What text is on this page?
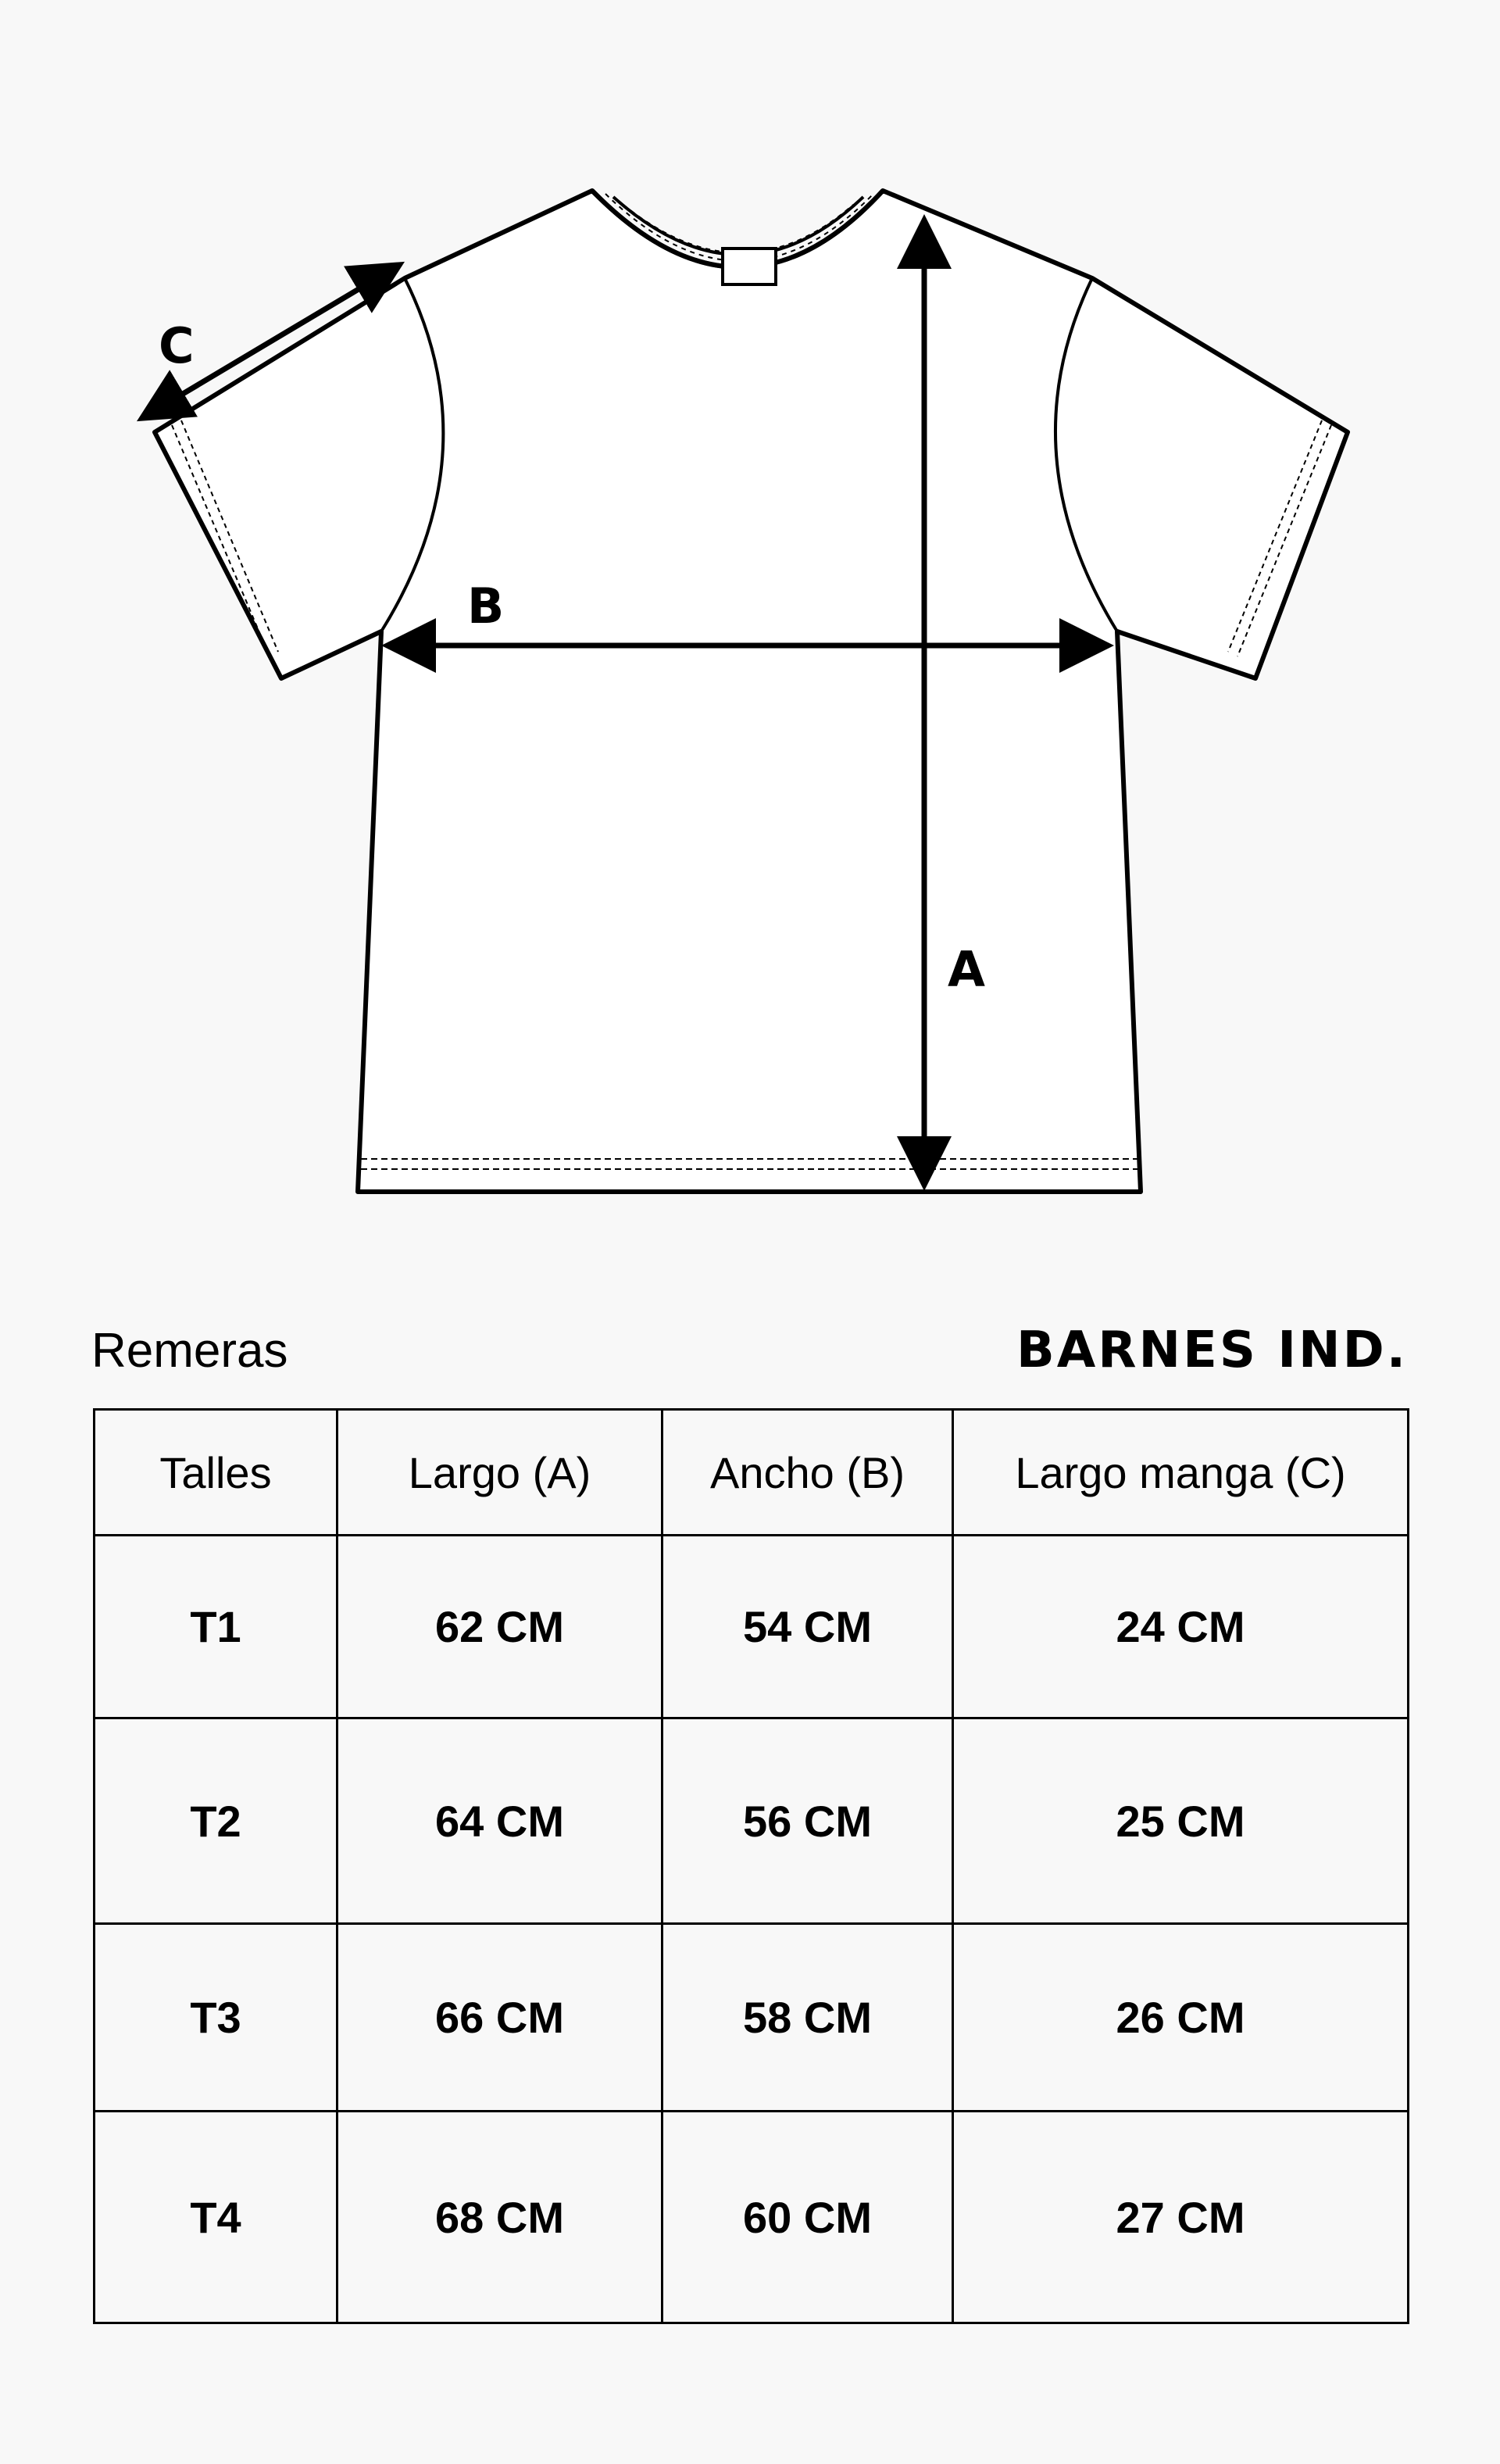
C
B
A
Remeras	BARNES IND.
Talles	Largo (A)	Ancho (B)	Largo manga (C)
T1	62 CM	54 CM	24 CM
T2	64 CM	56 CM	25 CM
T3	66 CM	58 CM	26 CM
T4	68 CM	60 CM	27 CM
